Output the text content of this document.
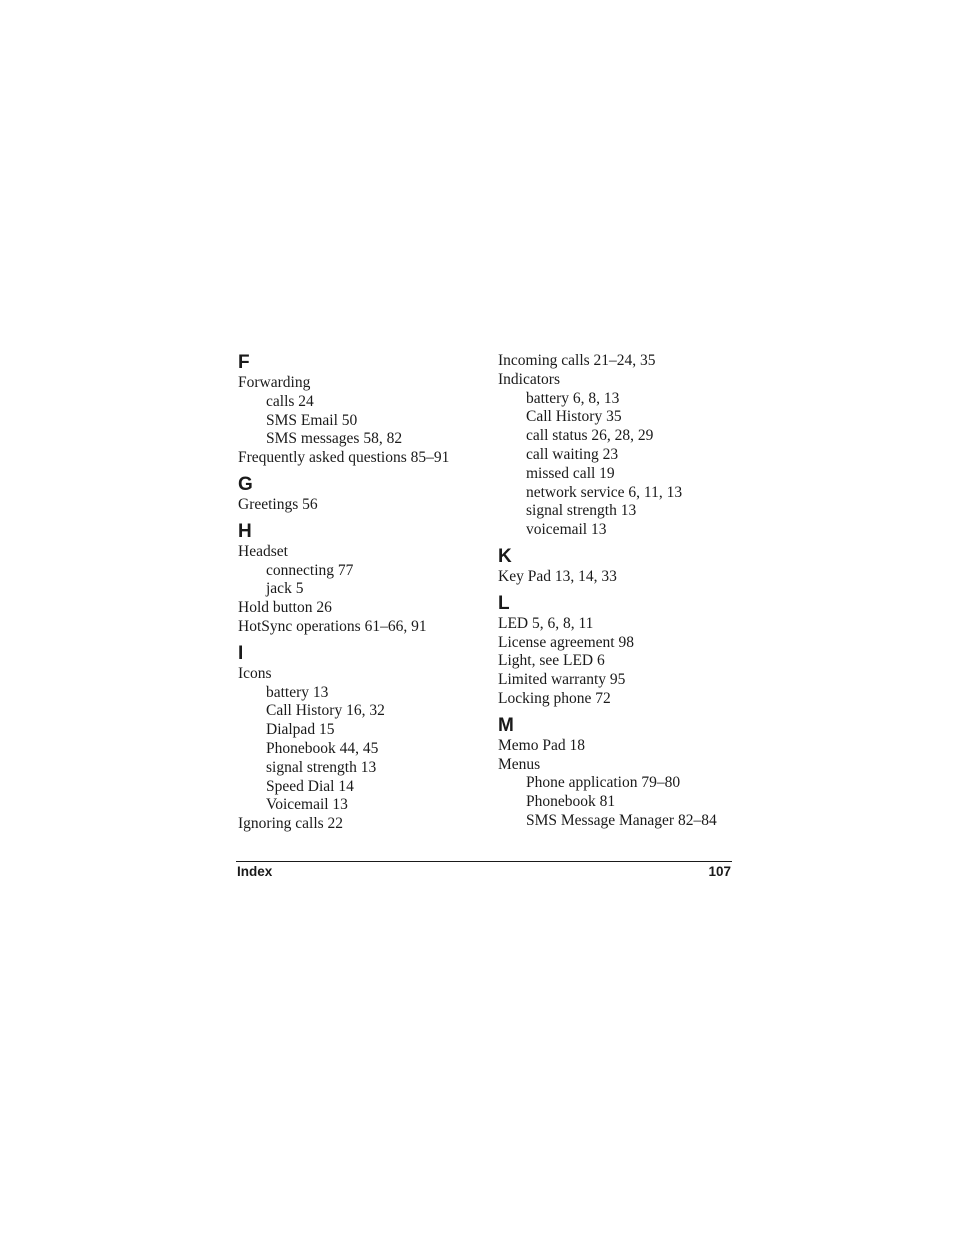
F
Forwarding
calls 24
SMS Email 50
SMS messages 58, 82
Frequently asked questions 85–91
G
Greetings 56
H
Headset
connecting 77
jack 5
Hold button 26
HotSync operations 61–66, 91
I
Icons
battery 13
Call History 16, 32
Dialpad 15
Phonebook 44, 45
signal strength 13
Speed Dial 14
Voicemail 13
Ignoring calls 22
Incoming calls 21–24, 35
Indicators
battery 6, 8, 13
Call History 35
call status 26, 28, 29
call waiting 23
missed call 19
network service 6, 11, 13
signal strength 13
voicemail 13
K
Key Pad 13, 14, 33
L
LED 5, 6, 8, 11
License agreement 98
Light, see LED 6
Limited warranty 95
Locking phone 72
M
Memo Pad 18
Menus
Phone application 79–80
Phonebook 81
SMS Message Manager 82–84
Index	107
